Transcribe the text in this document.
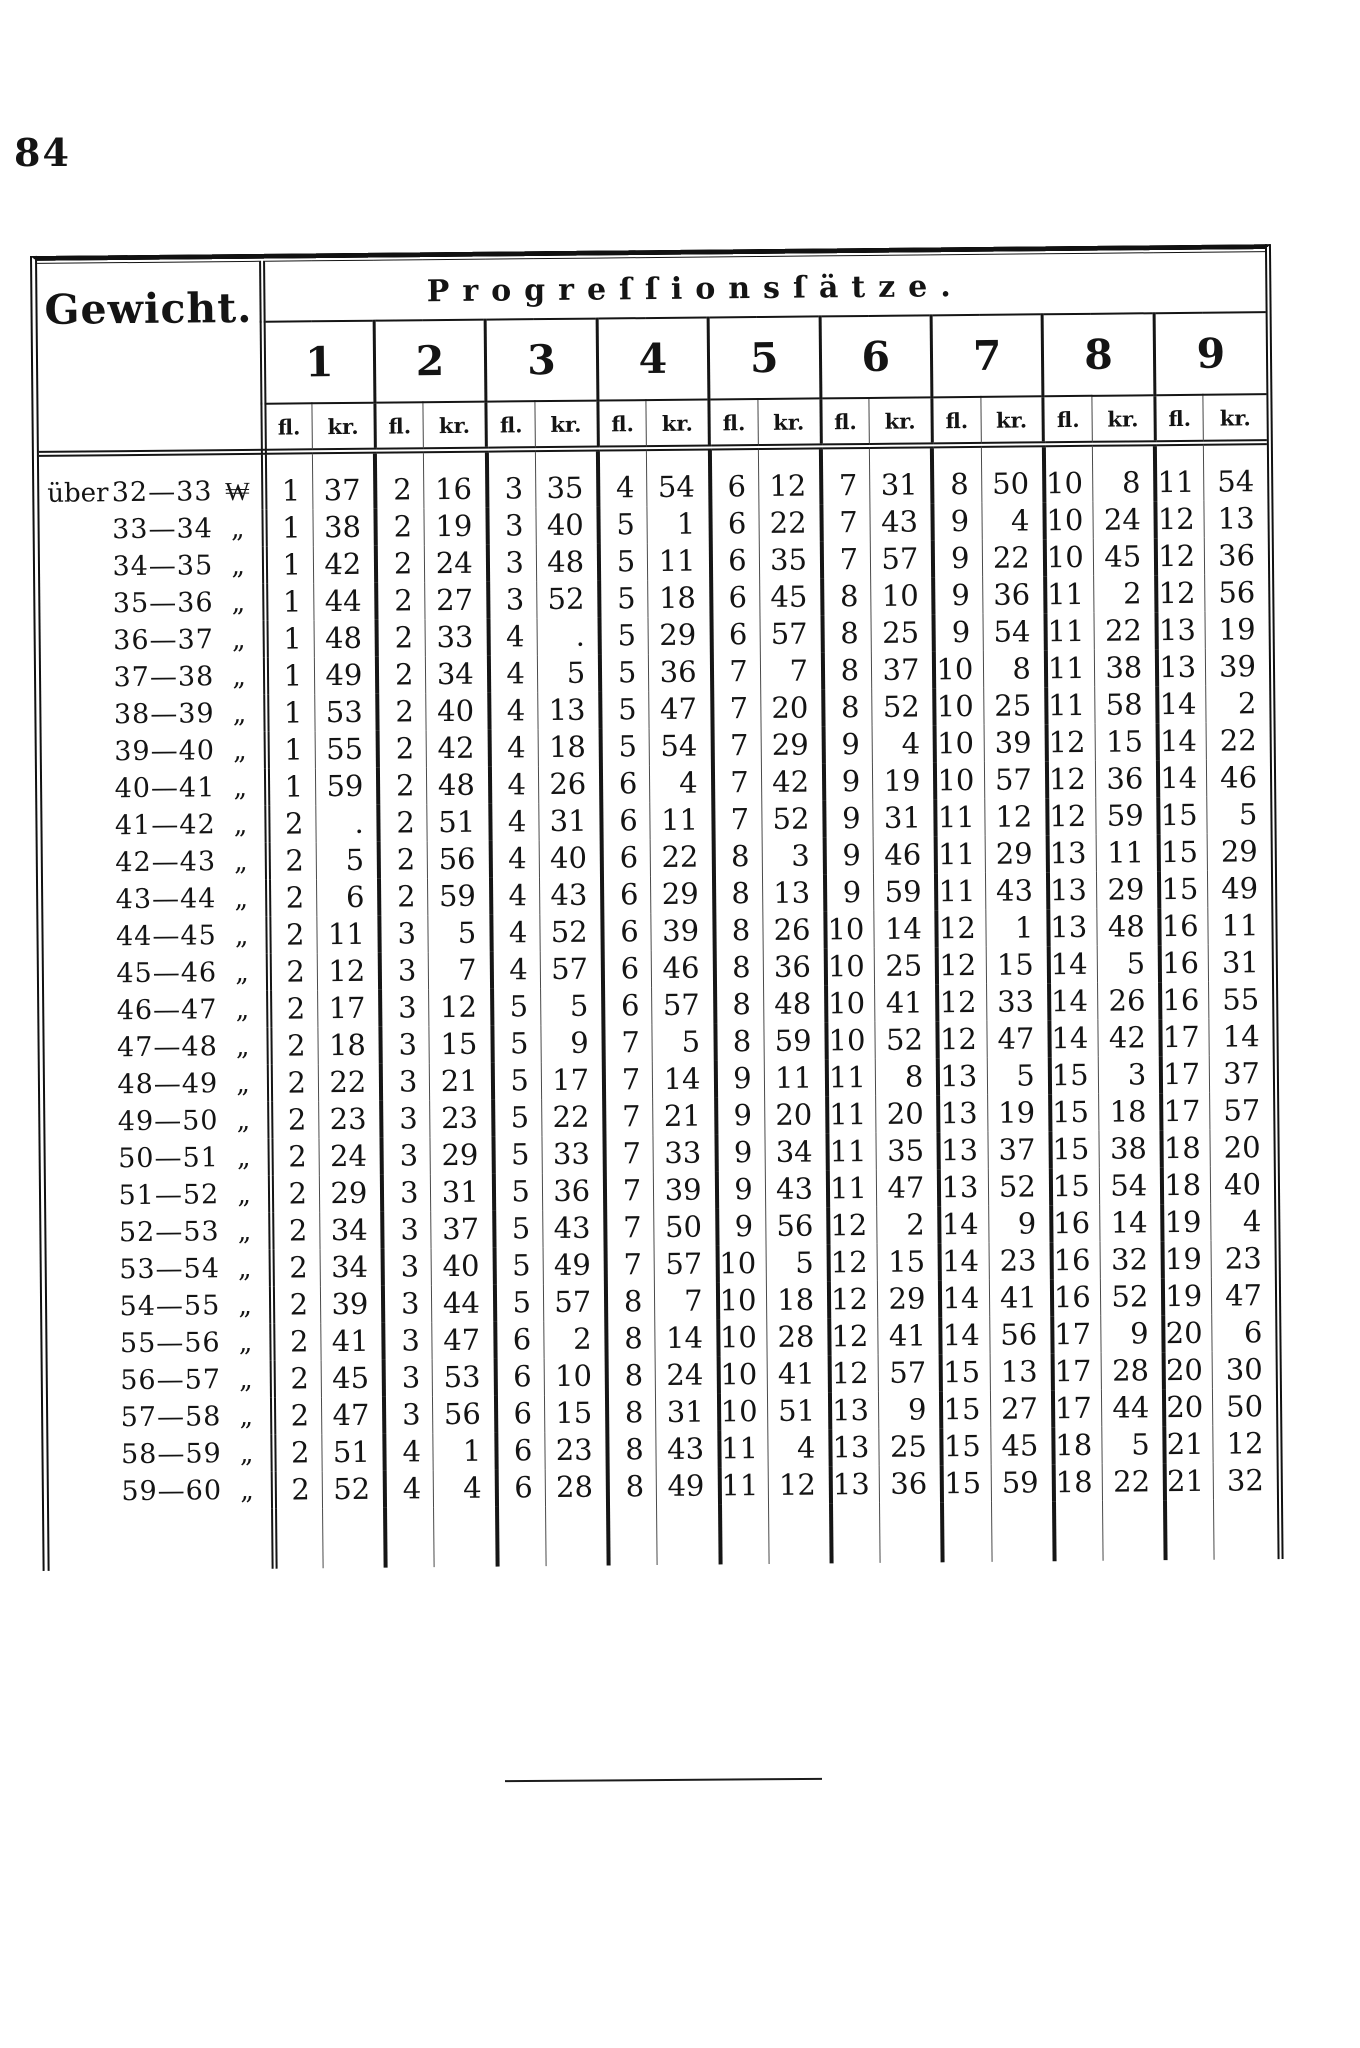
84
Gewicht.	Progreſſionsſätze.																	
	1		2		3		4		5		6		7		8		9	
	fl.	kr.	fl.	kr.	fl.	kr.	fl.	kr.	fl.	kr.	fl.	kr.	fl.	kr.	fl.	kr.	fl.	kr.

über 32—33 ₩	1	37	2	16	3	35	4	54	6	12	7	31	8	50	10	8	11	54

33—34 „	1	38	2	19	3	40	5	1	6	22	7	43	9	4	10	24	12	13

34—35 „	1	42	2	24	3	48	5	11	6	35	7	57	9	22	10	45	12	36

35—36 „	1	44	2	27	3	52	5	18	6	45	8	10	9	36	11	2	12	56

36—37 „	1	48	2	33	4	.	5	29	6	57	8	25	9	54	11	22	13	19

37—38 „	1	49	2	34	4	5	5	36	7	7	8	37	10	8	11	38	13	39

38—39 „	1	53	2	40	4	13	5	47	7	20	8	52	10	25	11	58	14	2

39—40 „	1	55	2	42	4	18	5	54	7	29	9	4	10	39	12	15	14	22

40—41 „	1	59	2	48	4	26	6	4	7	42	9	19	10	57	12	36	14	46

41—42 „	2	.	2	51	4	31	6	11	7	52	9	31	11	12	12	59	15	5

42—43 „	2	5	2	56	4	40	6	22	8	3	9	46	11	29	13	11	15	29

43—44 „	2	6	2	59	4	43	6	29	8	13	9	59	11	43	13	29	15	49

44—45 „	2	11	3	5	4	52	6	39	8	26	10	14	12	1	13	48	16	11

45—46 „	2	12	3	7	4	57	6	46	8	36	10	25	12	15	14	5	16	31

46—47 „	2	17	3	12	5	5	6	57	8	48	10	41	12	33	14	26	16	55

47—48 „	2	18	3	15	5	9	7	5	8	59	10	52	12	47	14	42	17	14

48—49 „	2	22	3	21	5	17	7	14	9	11	11	8	13	5	15	3	17	37

49—50 „	2	23	3	23	5	22	7	21	9	20	11	20	13	19	15	18	17	57

50—51 „	2	24	3	29	5	33	7	33	9	34	11	35	13	37	15	38	18	20

51—52 „	2	29	3	31	5	36	7	39	9	43	11	47	13	52	15	54	18	40

52—53 „	2	34	3	37	5	43	7	50	9	56	12	2	14	9	16	14	19	4

53—54 „	2	34	3	40	5	49	7	57	10	5	12	15	14	23	16	32	19	23

54—55 „	2	39	3	44	5	57	8	7	10	18	12	29	14	41	16	52	19	47

55—56 „	2	41	3	47	6	2	8	14	10	28	12	41	14	56	17	9	20	6

56—57 „	2	45	3	53	6	10	8	24	10	41	12	57	15	13	17	28	20	30

57—58 „	2	47	3	56	6	15	8	31	10	51	13	9	15	27	17	44	20	50

58—59 „	2	51	4	1	6	23	8	43	11	4	13	25	15	45	18	5	21	12

59—60 „	2	52	4	4	6	28	8	49	11	12	13	36	15	59	18	22	21	32
